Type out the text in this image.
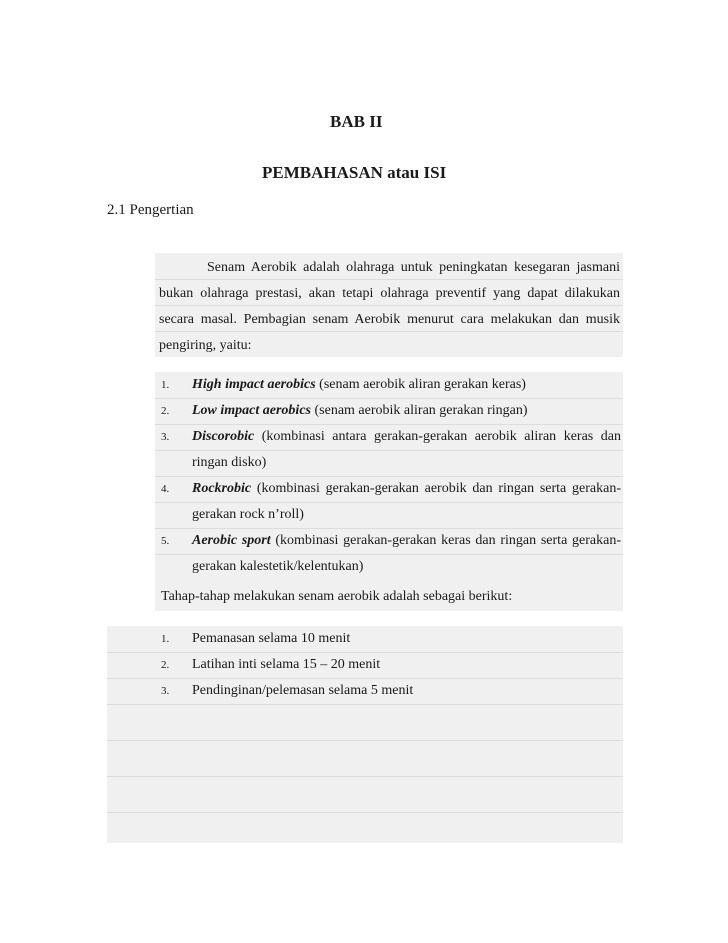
BAB II
PEMBAHASAN atau ISI
2.1 Pengertian

Senam Aerobik adalah olahraga untuk peningkatan kesegaran jasmani bukan olahraga prestasi, akan tetapi olahraga preventif yang dapat dilakukan secara masal. Pembagian senam Aerobik menurut cara melakukan dan musik pengiring, yaitu:

1.	High impact aerobics (senam aerobik aliran gerakan keras)
2.	Low impact aerobics (senam aerobik aliran gerakan ringan)
3.	Discorobic (kombinasi antara gerakan-gerakan aerobik aliran keras dan ringan disko)
4.	Rockrobic (kombinasi gerakan-gerakan aerobik dan ringan serta gerakan-gerakan rock n’roll)
5.	Aerobic sport (kombinasi gerakan-gerakan keras dan ringan serta gerakan-gerakan kalestetik/kelentukan)
Tahap-tahap melakukan senam aerobik adalah sebagai berikut:
1.	Pemanasan selama 10 menit
2.	Latihan inti selama 15 – 20 menit
3.	Pendinginan/pelemasan selama 5 menit
